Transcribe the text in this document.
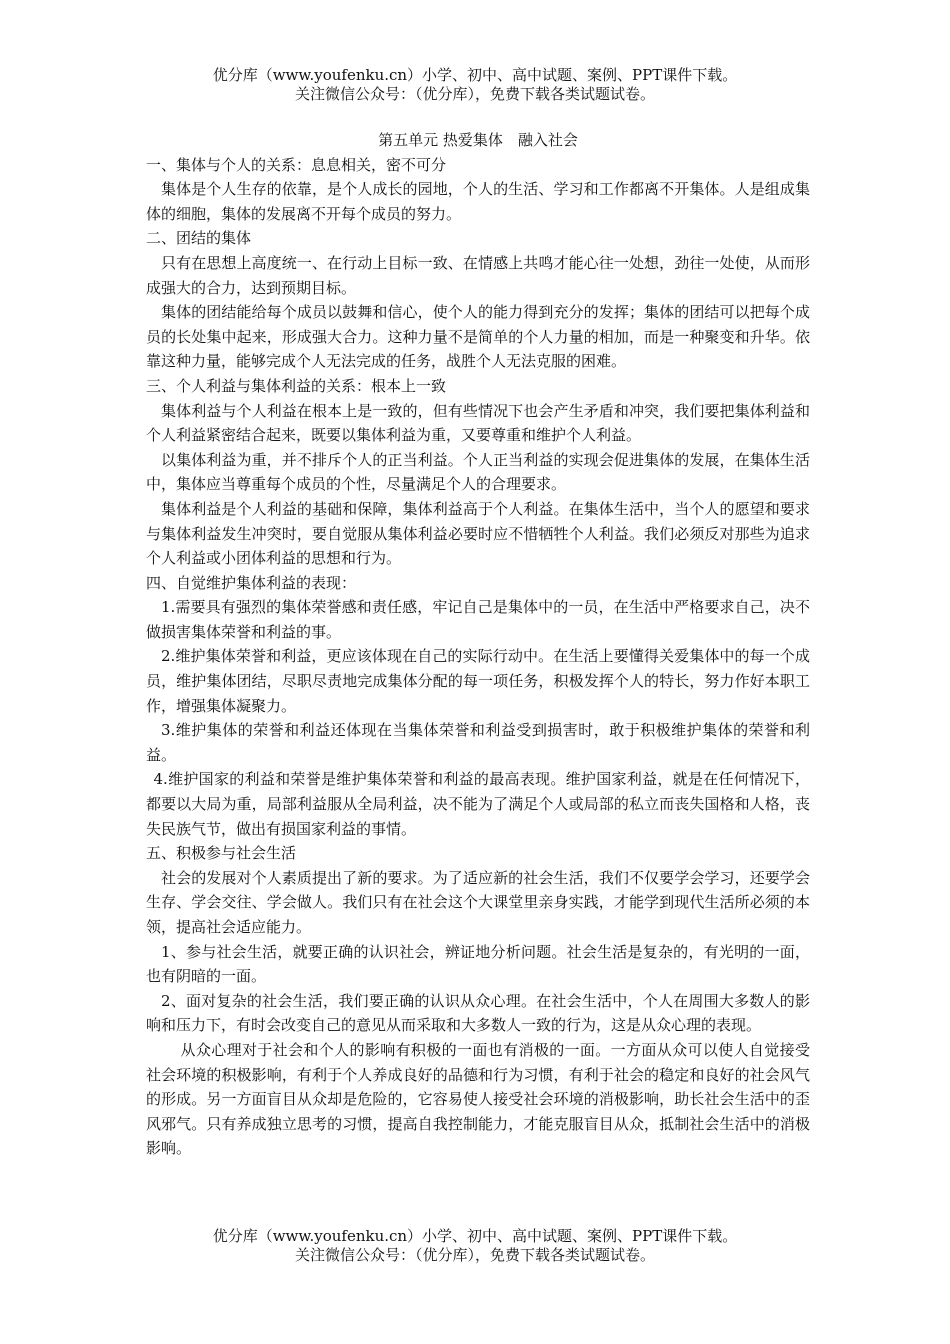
优分库（www.youfenku.cn）小学、初中、高中试题、案例、PPT课件下载。
关注微信公众号：（优分库），免费下载各类试题试卷。

第五单元 热爱集体　融入社会

一、集体与个人的关系：息息相关，密不可分

集体是个人生存的依靠，是个人成长的园地，个人的生活、学习和工作都离不开集体。人是组成集体的细胞，集体的发展离不开每个成员的努力。

二、团结的集体

只有在思想上高度统一、在行动上目标一致、在情感上共鸣才能心往一处想，劲往一处使，从而形成强大的合力，达到预期目标。

集体的团结能给每个成员以鼓舞和信心，使个人的能力得到充分的发挥；集体的团结可以把每个成员的长处集中起来，形成强大合力。这种力量不是简单的个人力量的相加，而是一种聚变和升华。依靠这种力量，能够完成个人无法完成的任务，战胜个人无法克服的困难。

三、个人利益与集体利益的关系：根本上一致

集体利益与个人利益在根本上是一致的，但有些情况下也会产生矛盾和冲突，我们要把集体利益和个人利益紧密结合起来，既要以集体利益为重，又要尊重和维护个人利益。

以集体利益为重，并不排斥个人的正当利益。个人正当利益的实现会促进集体的发展，在集体生活中，集体应当尊重每个成员的个性，尽量满足个人的合理要求。

集体利益是个人利益的基础和保障，集体利益高于个人利益。在集体生活中，当个人的愿望和要求与集体利益发生冲突时，要自觉服从集体利益必要时应不惜牺牲个人利益。我们必须反对那些为追求个人利益或小团体利益的思想和行为。

四、自觉维护集体利益的表现：

1.需要具有强烈的集体荣誉感和责任感，牢记自己是集体中的一员，在生活中严格要求自己，决不做损害集体荣誉和利益的事。

2.维护集体荣誉和利益，更应该体现在自己的实际行动中。在生活上要懂得关爱集体中的每一个成员，维护集体团结，尽职尽责地完成集体分配的每一项任务，积极发挥个人的特长，努力作好本职工作，增强集体凝聚力。

3.维护集体的荣誉和利益还体现在当集体荣誉和利益受到损害时，敢于积极维护集体的荣誉和利益。

4.维护国家的利益和荣誉是维护集体荣誉和利益的最高表现。维护国家利益，就是在任何情况下，都要以大局为重，局部利益服从全局利益，决不能为了满足个人或局部的私立而丧失国格和人格，丧失民族气节，做出有损国家利益的事情。

五、积极参与社会生活

社会的发展对个人素质提出了新的要求。为了适应新的社会生活，我们不仅要学会学习，还要学会生存、学会交往、学会做人。我们只有在社会这个大课堂里亲身实践，才能学到现代生活所必须的本领，提高社会适应能力。

1、参与社会生活，就要正确的认识社会，辨证地分析问题。社会生活是复杂的，有光明的一面，也有阴暗的一面。

2、面对复杂的社会生活，我们要正确的认识从众心理。在社会生活中，个人在周围大多数人的影响和压力下，有时会改变自己的意见从而采取和大多数人一致的行为，这是从众心理的表现。

从众心理对于社会和个人的影响有积极的一面也有消极的一面。一方面从众可以使人自觉接受社会环境的积极影响，有利于个人养成良好的品德和行为习惯，有利于社会的稳定和良好的社会风气的形成。另一方面盲目从众却是危险的，它容易使人接受社会环境的消极影响，助长社会生活中的歪风邪气。只有养成独立思考的习惯，提高自我控制能力，才能克服盲目从众，抵制社会生活中的消极影响。

优分库（www.youfenku.cn）小学、初中、高中试题、案例、PPT课件下载。
关注微信公众号：（优分库），免费下载各类试题试卷。
